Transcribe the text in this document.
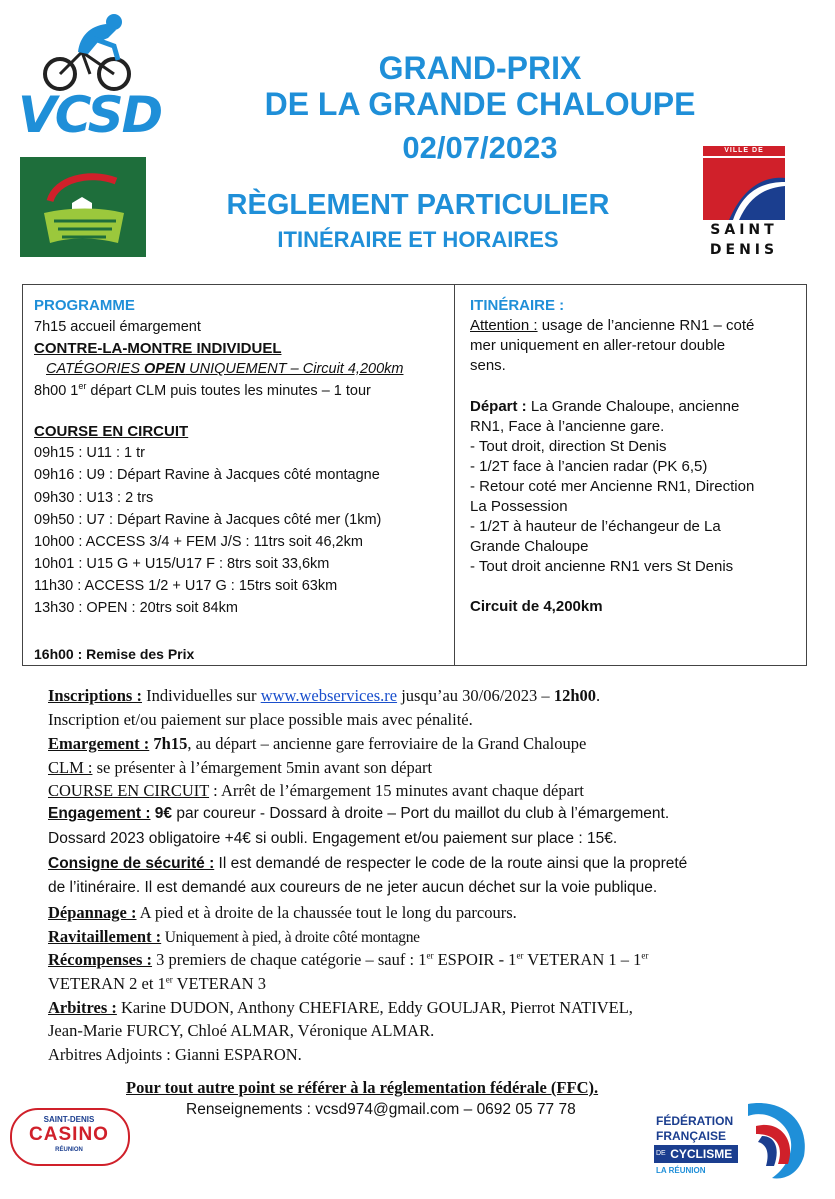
VCSD
VILLE DE
SAINT
DENIS
GRAND-PRIX
DE LA GRANDE CHALOUPE
02/07/2023
RÈGLEMENT PARTICULIER
ITINÉRAIRE ET HORAIRES
PROGRAMME
7h15 accueil émargement
CONTRE-LA-MONTRE INDIVIDUEL
CATÉGORIES OPEN UNIQUEMENT – Circuit 4,200km
8h00 1er départ CLM puis toutes les minutes – 1 tour
COURSE EN CIRCUIT
09h15 : U11 : 1 tr
09h16 : U9 : Départ Ravine à Jacques côté montagne
09h30 : U13 : 2 trs
09h50 : U7 : Départ Ravine à Jacques côté mer (1km)
10h00 : ACCESS 3/4 + FEM J/S : 11trs soit 46,2km
10h01 : U15 G + U15/U17 F : 8trs soit 33,6km
11h30 : ACCESS 1/2 + U17 G : 15trs soit 63km
13h30 : OPEN : 20trs soit 84km
16h00 : Remise des Prix
ITINÉRAIRE :
Attention : usage de l’ancienne RN1 – coté
mer uniquement en aller-retour double
sens.
Départ : La Grande Chaloupe, ancienne
RN1, Face à l’ancienne gare.
- Tout droit, direction St Denis
- 1/2T face à l’ancien radar (PK 6,5)
- Retour coté mer Ancienne RN1, Direction
La Possession
- 1/2T à hauteur de l’échangeur de La
Grande Chaloupe
- Tout droit ancienne RN1 vers St Denis
Circuit de 4,200km
Inscriptions : Individuelles sur www.webservices.re jusqu’au 30/06/2023 – 12h00.
Inscription et/ou paiement sur place possible mais avec pénalité.
Emargement : 7h15, au départ – ancienne gare ferroviaire de la Grand Chaloupe
CLM : se présenter à l’émargement 5min avant son départ
COURSE EN CIRCUIT : Arrêt de l’émargement 15 minutes avant chaque départ
Engagement : 9€ par coureur - Dossard à droite – Port du maillot du club à l’émargement.
Dossard 2023 obligatoire +4€ si oubli. Engagement et/ou paiement sur place : 15€.
Consigne de sécurité : Il est demandé de respecter le code de la route ainsi que la propreté
de l’itinéraire. Il est demandé aux coureurs de ne jeter aucun déchet sur la voie publique.
Dépannage : A pied et à droite de la chaussée tout le long du parcours.
Ravitaillement : Uniquement à pied, à droite côté montagne
Récompenses : 3 premiers de chaque catégorie – sauf : 1er ESPOIR - 1er VETERAN 1 – 1er
VETERAN 2 et 1er VETERAN 3
Arbitres : Karine DUDON, Anthony CHEFIARE, Eddy GOULJAR, Pierrot NATIVEL,
Jean-Marie FURCY, Chloé ALMAR, Véronique ALMAR.
Arbitres Adjoints : Gianni ESPARON.
Pour tout autre point se référer à la réglementation fédérale (FFC).
Renseignements : vcsd974@gmail.com – 0692 05 77 78
SAINT-DENIS
CASINO
RÉUNION
FÉDÉRATION
FRANÇAISE
DE CYCLISME
LA RÉUNION
